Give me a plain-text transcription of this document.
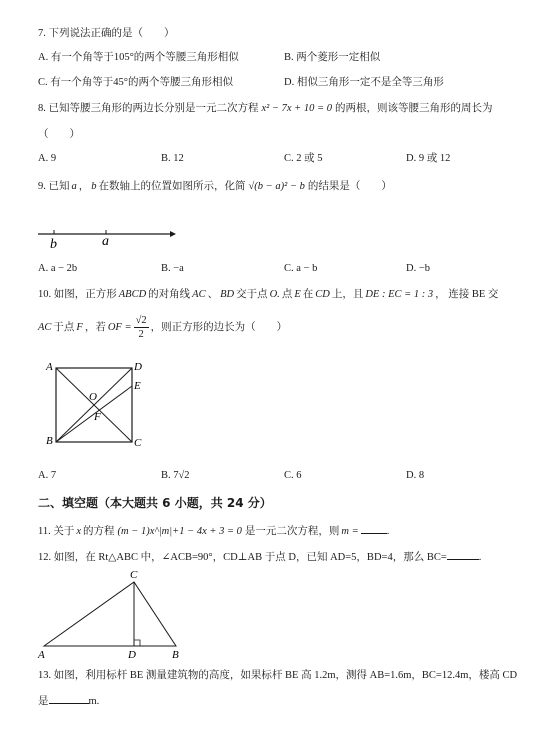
7. 下列说法正确的是（　　）
A. 有一个角等于105°的两个等腰三角形相似	B. 两个菱形一定相似
C. 有一个角等于45°的两个等腰三角形相似	D. 相似三角形一定不是全等三角形
8. 已知等腰三角形的两边长分别是一元二次方程 x² − 7x + 10 = 0 的两根，则该等腰三角形的周长为
（　　）
A. 9	B. 12	C. 2 或 5	D. 9 或 12
9. 已知 a ， b 在数轴上的位置如图所示，化简 √(b − a)² − b 的结果是（　　）
b	a
A. a − 2b	B. −a	C. a − b	D. −b
10. 如图，正方形 ABCD 的对角线 AC 、 BD 交于点 O. 点 E 在 CD 上，且 DE : EC = 1 : 3 ， 连接 BE 交
AC 于点 F ，若 OF = $\frac{√2}{2}$ ，则正方形的边长为（　　）
A	D
E
B	C
O
F
A. 7	B. 7√2	C. 6	D. 8
二、填空题（本大题共 6 小题，共 24 分）
11. 关于 x 的方程 (m − 1)x^|m|+1 − 4x + 3 = 0 是一元二次方程，则 m =	.
12. 如图，在 Rt△ABC 中，∠ACB=90°，CD⊥AB 于点 D，已知 AD=5，BD=4，那么 BC=	.
A
C
D	B
13. 如图，利用标杆 BE 测量建筑物的高度，如果标杆 BE 高 1.2m，测得 AB=1.6m，BC=12.4m，楼高 CD
是	m.
